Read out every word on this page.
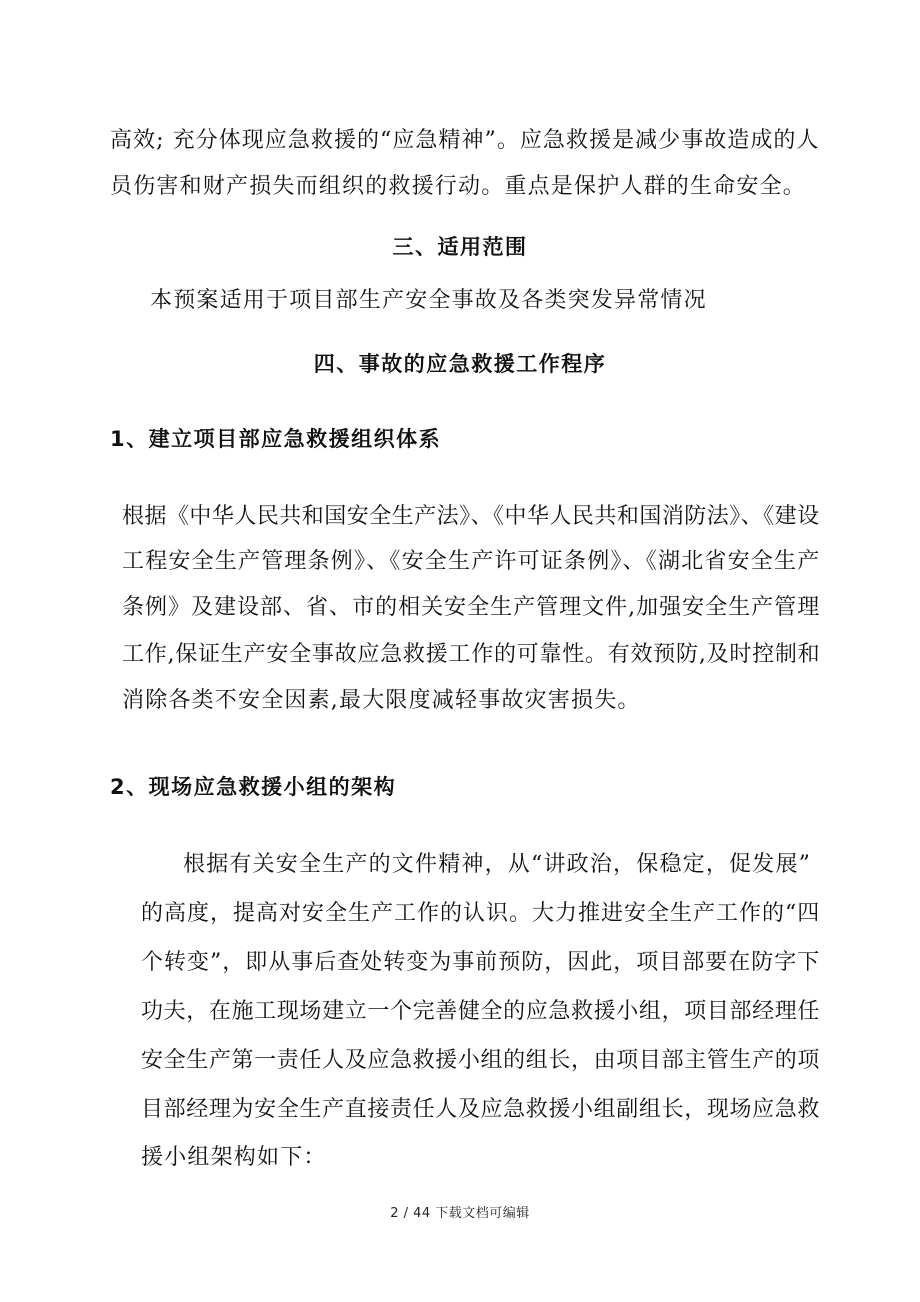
高效; 充分体现应急救援的“应急精神”。应急救援是减少事故造成的人
员伤害和财产损失而组织的救援行动。重点是保护人群的生命安全。
三、适用范围
本预案适用于项目部生产安全事故及各类突发异常情况
四、事故的应急救援工作程序
1、建立项目部应急救援组织体系
根据《中华人民共和国安全生产法》、《中华人民共和国消防法》、《建设
工程安全生产管理条例》、《安全生产许可证条例》、《湖北省安全生产
条例》及建设部、省、市的相关安全生产管理文件,加强安全生产管理
工作,保证生产安全事故应急救援工作的可靠性。有效预防,及时控制和
消除各类不安全因素,最大限度减轻事故灾害损失。
2、现场应急救援小组的架构
根据有关安全生产的文件精神，从“讲政治，保稳定，促发展”
的高度，提高对安全生产工作的认识。大力推进安全生产工作的“四
个转变”，即从事后查处转变为事前预防，因此，项目部要在防字下
功夫，在施工现场建立一个完善健全的应急救援小组，项目部经理任
安全生产第一责任人及应急救援小组的组长，由项目部主管生产的项
目部经理为安全生产直接责任人及应急救援小组副组长，现场应急救
援小组架构如下：
2 / 44 下载文档可编辑
